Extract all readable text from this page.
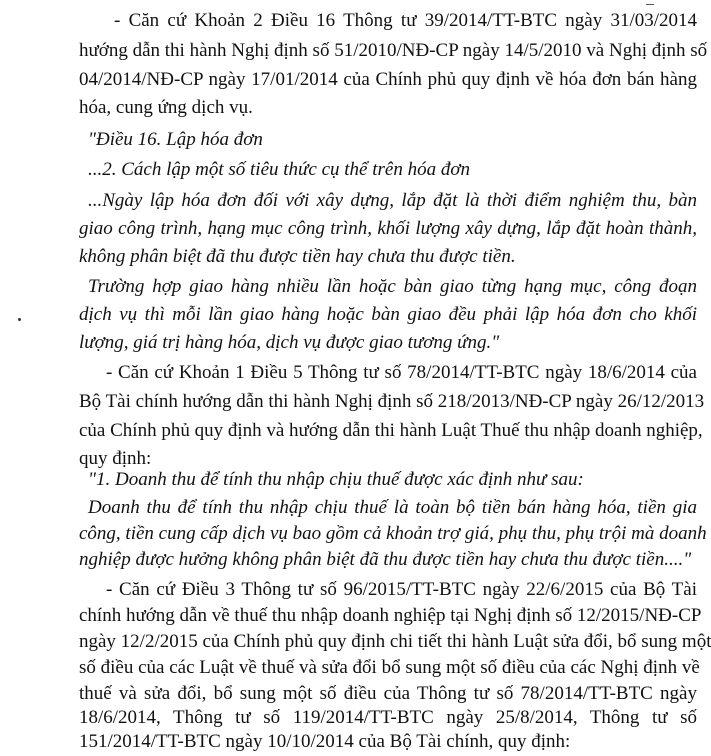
- Căn cứ Khoản 2 Điều 16 Thông tư 39/2014/TT-BTC ngày 31/03/2014
hướng dẫn thi hành Nghị định số 51/2010/NĐ-CP ngày 14/5/2010 và Nghị định số
04/2014/NĐ-CP ngày 17/01/2014 của Chính phủ quy định về hóa đơn bán hàng
hóa, cung ứng dịch vụ.
"Điều 16. Lập hóa đơn
...2. Cách lập một số tiêu thức cụ thể trên hóa đơn
...Ngày lập hóa đơn đối với xây dựng, lắp đặt là thời điểm nghiệm thu, bàn
giao công trình, hạng mục công trình, khối lượng xây dựng, lắp đặt hoàn thành,
không phân biệt đã thu được tiền hay chưa thu được tiền.
Trường hợp giao hàng nhiều lần hoặc bàn giao từng hạng mục, công đoạn
dịch vụ thì mỗi lần giao hàng hoặc bàn giao đều phải lập hóa đơn cho khối
lượng, giá trị hàng hóa, dịch vụ được giao tương ứng."
- Căn cứ Khoản 1 Điều 5 Thông tư số 78/2014/TT-BTC ngày 18/6/2014 của
Bộ Tài chính hướng dẫn thi hành Nghị định số 218/2013/NĐ-CP ngày 26/12/2013
của Chính phủ quy định và hướng dẫn thi hành Luật Thuế thu nhập doanh nghiệp,
quy định:
"1. Doanh thu để tính thu nhập chịu thuế được xác định như sau:
Doanh thu để tính thu nhập chịu thuế là toàn bộ tiền bán hàng hóa, tiền gia
công, tiền cung cấp dịch vụ bao gồm cả khoản trợ giá, phụ thu, phụ trội mà doanh
nghiệp được hưởng không phân biệt đã thu được tiền hay chưa thu được tiền...."
- Căn cứ Điều 3 Thông tư số 96/2015/TT-BTC ngày 22/6/2015 của Bộ Tài
chính hướng dẫn về thuế thu nhập doanh nghiệp tại Nghị định số 12/2015/NĐ-CP
ngày 12/2/2015 của Chính phủ quy định chi tiết thi hành Luật sửa đổi, bổ sung một
số điều của các Luật về thuế và sửa đổi bổ sung một số điều của các Nghị định về
thuế và sửa đổi, bổ sung một số điều của Thông tư số 78/2014/TT-BTC ngày
18/6/2014, Thông tư số 119/2014/TT-BTC ngày 25/8/2014, Thông tư số
151/2014/TT-BTC ngày 10/10/2014 của Bộ Tài chính, quy định:
